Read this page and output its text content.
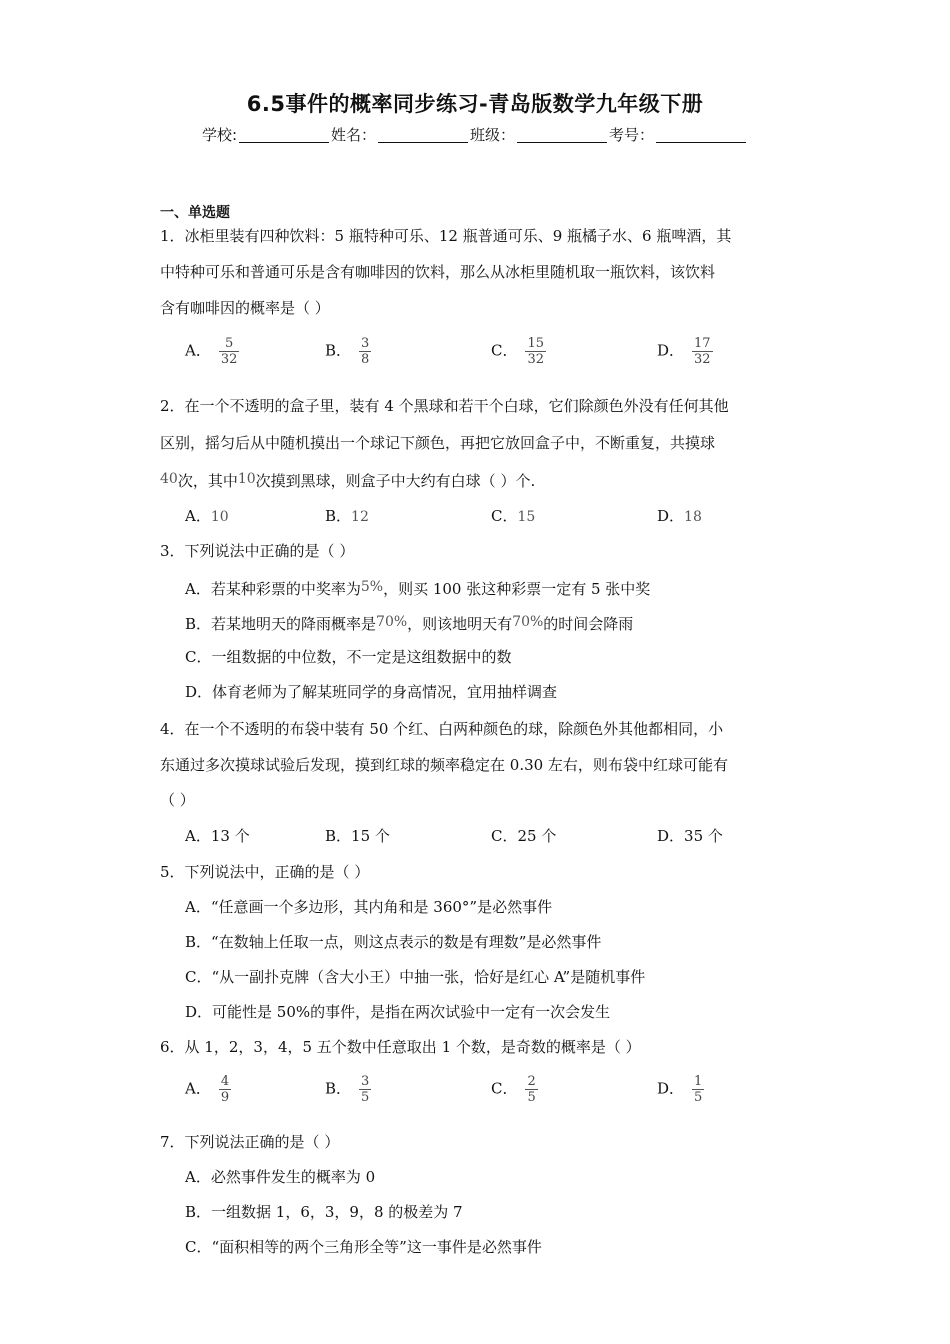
6.5事件的概率同步练习-青岛版数学九年级下册
学校:	姓名：	班级：	考号：
一、单选题
1．冰柜里装有四种饮料：5 瓶特种可乐、12 瓶普通可乐、9 瓶橘子水、6 瓶啤酒，其
中特种可乐和普通可乐是含有咖啡因的饮料，那么从冰柜里随机取一瓶饮料，该饮料
含有咖啡因的概率是（ ）
A． $\frac{5}{32}$	B． $\frac{3}{8}$	C． $\frac{15}{32}$	D． $\frac{17}{32}$
2．在一个不透明的盒子里，装有 4 个黑球和若干个白球，它们除颜色外没有任何其他
区别，摇匀后从中随机摸出一个球记下颜色，再把它放回盒子中，不断重复，共摸球
40次，其中10次摸到黑球，则盒子中大约有白球（ ）个.
A．10	B．12	C．15	D．18
3．下列说法中正确的是（ ）
A．若某种彩票的中奖率为5%，则买 100 张这种彩票一定有 5 张中奖
B．若某地明天的降雨概率是70%，则该地明天有70%的时间会降雨
C．一组数据的中位数，不一定是这组数据中的数
D．体育老师为了解某班同学的身高情况，宜用抽样调查
4．在一个不透明的布袋中装有 50 个红、白两种颜色的球，除颜色外其他都相同，小
东通过多次摸球试验后发现，摸到红球的频率稳定在 0.30 左右，则布袋中红球可能有
（ ）
A．13 个	B．15 个	C．25 个	D．35 个
5．下列说法中，正确的是（ ）
A．“任意画一个多边形，其内角和是 360°”是必然事件
B．“在数轴上任取一点，则这点表示的数是有理数”是必然事件
C．“从一副扑克牌（含大小王）中抽一张，恰好是红心 A”是随机事件
D．可能性是 50%的事件，是指在两次试验中一定有一次会发生
6．从 1，2，3，4，5 五个数中任意取出 1 个数，是奇数的概率是（ ）
A． $\frac{4}{9}$	B． $\frac{3}{5}$	C． $\frac{2}{5}$	D． $\frac{1}{5}$
7．下列说法正确的是（ ）
A．必然事件发生的概率为 0
B．一组数据 1，6，3，9，8 的极差为 7
C．“面积相等的两个三角形全等”这一事件是必然事件
